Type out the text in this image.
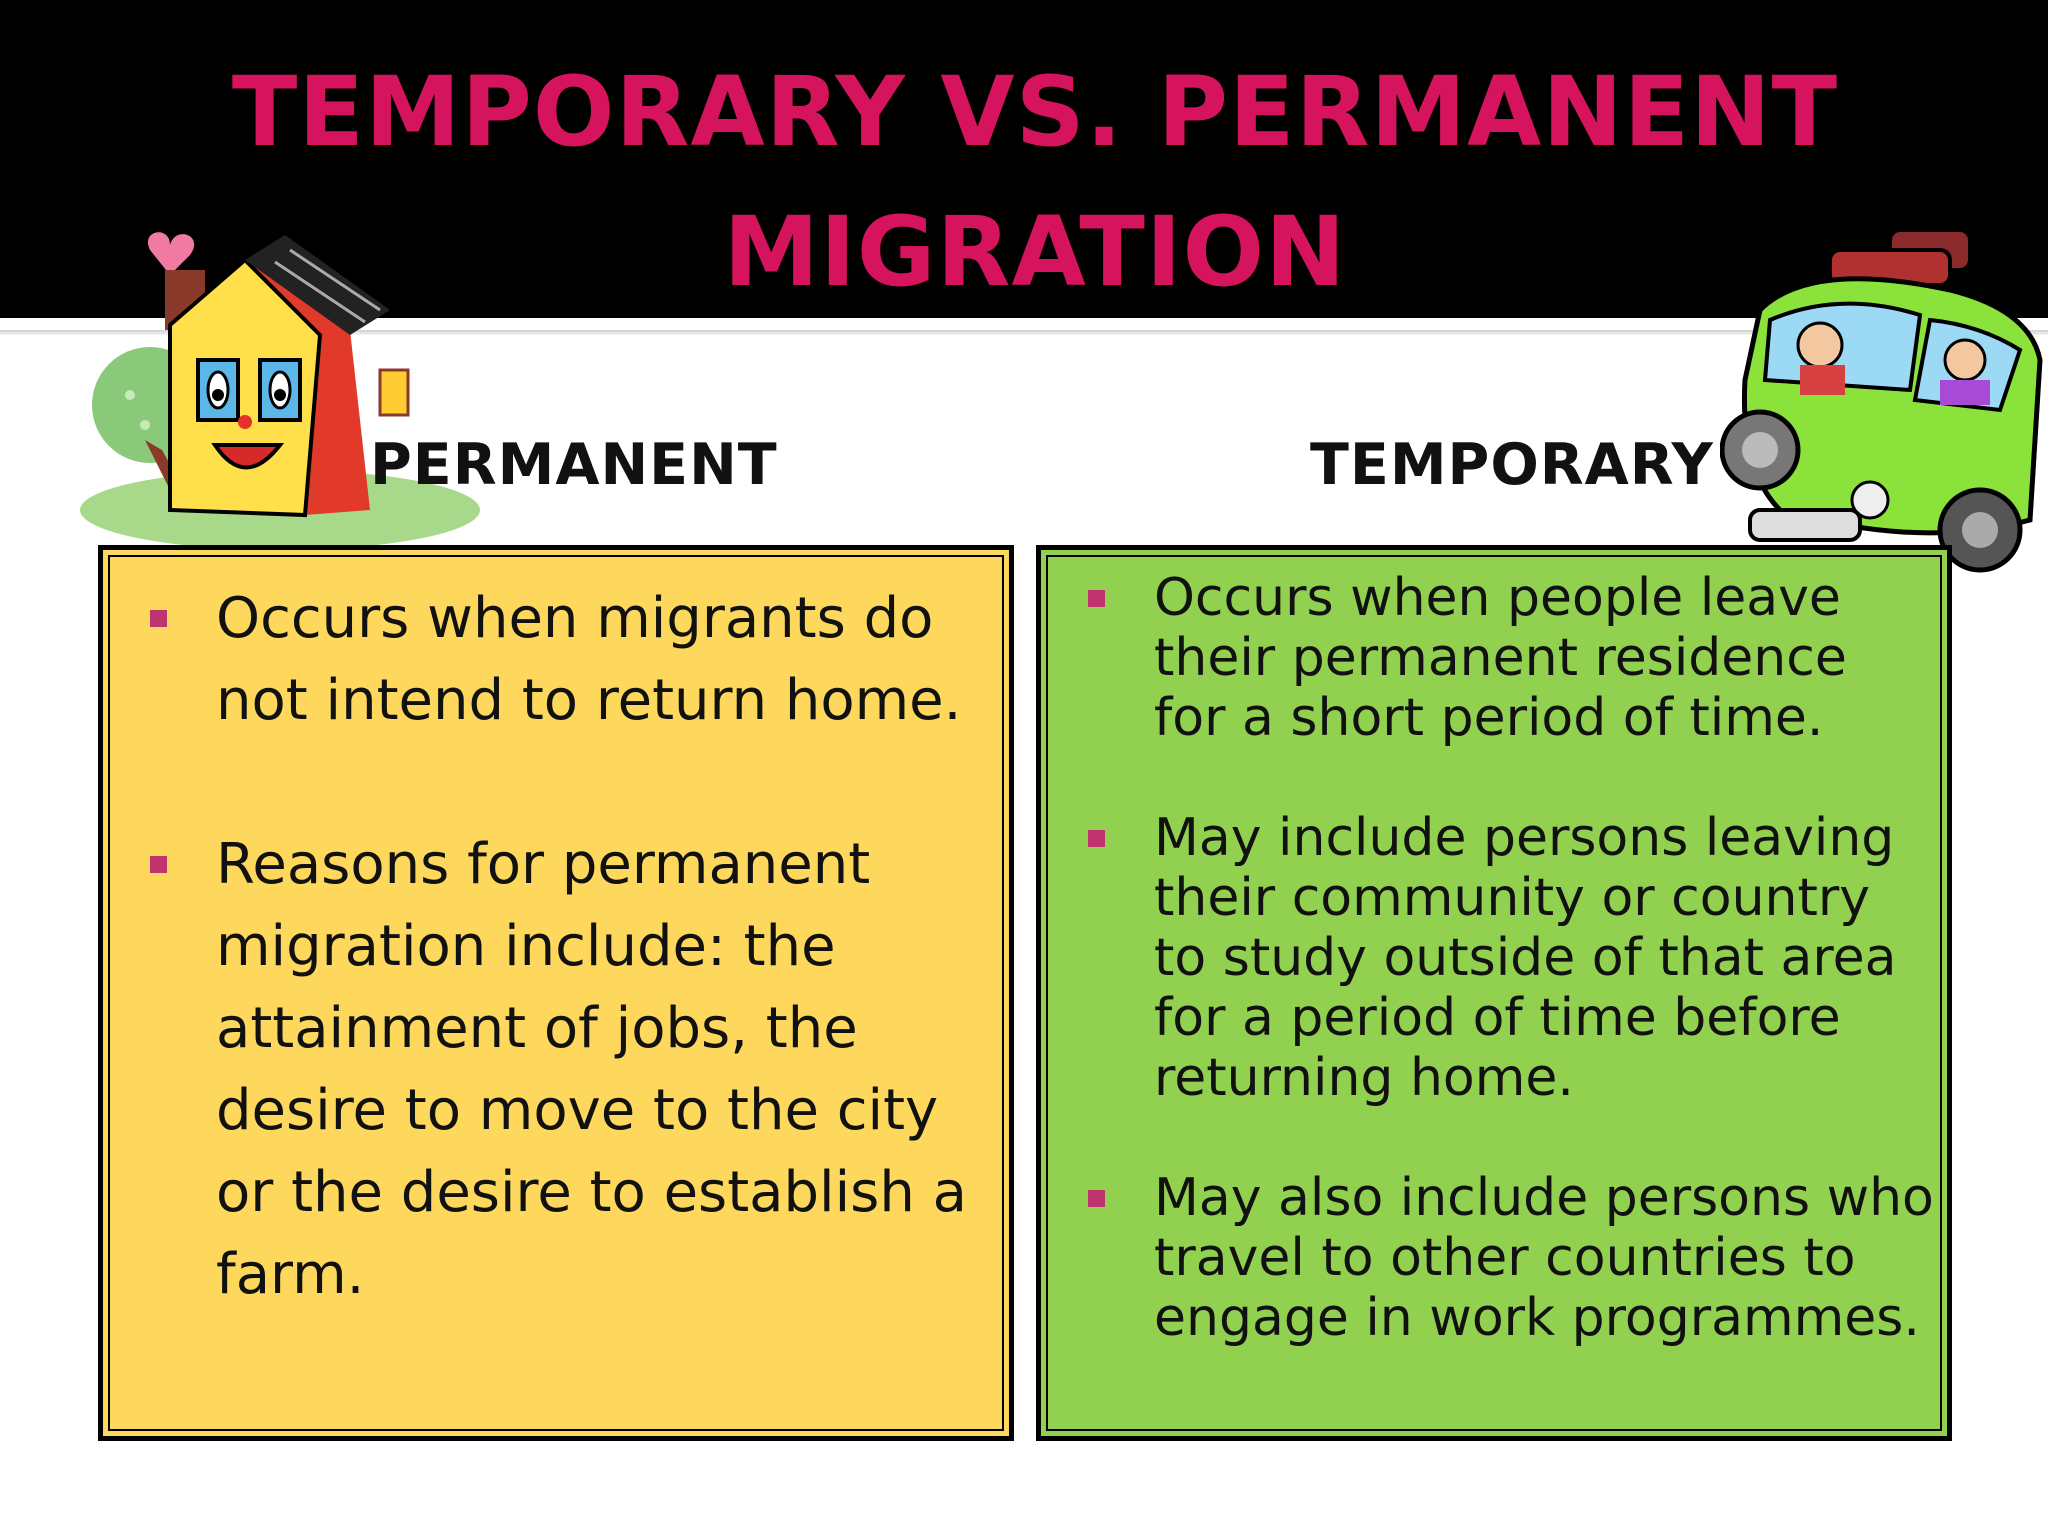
TEMPORARY VS. PERMANENT
MIGRATION
PERMANENT	TEMPORARY
Occurs when migrants do not intend to return home.
Reasons for permanent migration include: the attainment of jobs, the desire to move to the city or the desire to establish a farm.
Occurs when people leave their permanent residence for a short period of time.
May include persons leaving their community or country to study outside of that area for a period of time before returning home.
May also include persons who travel to other countries to engage in work programmes.
